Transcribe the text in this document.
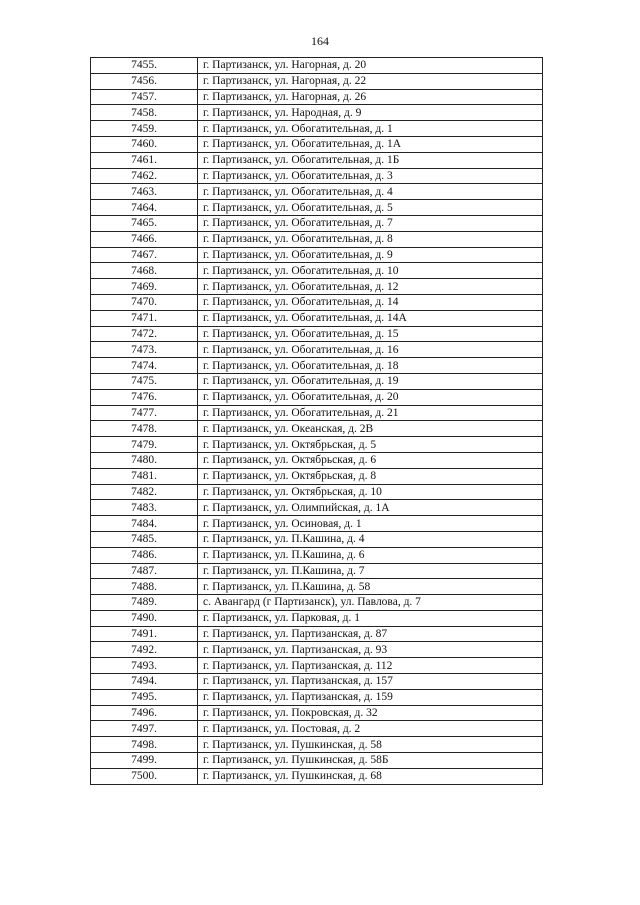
164
7455.	г. Партизанск, ул. Нагорная, д. 20
7456.	г. Партизанск, ул. Нагорная, д. 22
7457.	г. Партизанск, ул. Нагорная, д. 26
7458.	г. Партизанск, ул. Народная, д. 9
7459.	г. Партизанск, ул. Обогатительная, д. 1
7460.	г. Партизанск, ул. Обогатительная, д. 1А
7461.	г. Партизанск, ул. Обогатительная, д. 1Б
7462.	г. Партизанск, ул. Обогатительная, д. 3
7463.	г. Партизанск, ул. Обогатительная, д. 4
7464.	г. Партизанск, ул. Обогатительная, д. 5
7465.	г. Партизанск, ул. Обогатительная, д. 7
7466.	г. Партизанск, ул. Обогатительная, д. 8
7467.	г. Партизанск, ул. Обогатительная, д. 9
7468.	г. Партизанск, ул. Обогатительная, д. 10
7469.	г. Партизанск, ул. Обогатительная, д. 12
7470.	г. Партизанск, ул. Обогатительная, д. 14
7471.	г. Партизанск, ул. Обогатительная, д. 14А
7472.	г. Партизанск, ул. Обогатительная, д. 15
7473.	г. Партизанск, ул. Обогатительная, д. 16
7474.	г. Партизанск, ул. Обогатительная, д. 18
7475.	г. Партизанск, ул. Обогатительная, д. 19
7476.	г. Партизанск, ул. Обогатительная, д. 20
7477.	г. Партизанск, ул. Обогатительная, д. 21
7478.	г. Партизанск, ул. Океанская, д. 2В
7479.	г. Партизанск, ул. Октябрьская, д. 5
7480.	г. Партизанск, ул. Октябрьская, д. 6
7481.	г. Партизанск, ул. Октябрьская, д. 8
7482.	г. Партизанск, ул. Октябрьская, д. 10
7483.	г. Партизанск, ул. Олимпийская, д. 1А
7484.	г. Партизанск, ул. Осиновая, д. 1
7485.	г. Партизанск, ул. П.Кашина, д. 4
7486.	г. Партизанск, ул. П.Кашина, д. 6
7487.	г. Партизанск, ул. П.Кашина, д. 7
7488.	г. Партизанск, ул. П.Кашина, д. 58
7489.	с. Авангард (г Партизанск), ул. Павлова, д. 7
7490.	г. Партизанск, ул. Парковая, д. 1
7491.	г. Партизанск, ул. Партизанская, д. 87
7492.	г. Партизанск, ул. Партизанская, д. 93
7493.	г. Партизанск, ул. Партизанская, д. 112
7494.	г. Партизанск, ул. Партизанская, д. 157
7495.	г. Партизанск, ул. Партизанская, д. 159
7496.	г. Партизанск, ул. Покровская, д. 32
7497.	г. Партизанск, ул. Постовая, д. 2
7498.	г. Партизанск, ул. Пушкинская, д. 58
7499.	г. Партизанск, ул. Пушкинская, д. 58Б
7500.	г. Партизанск, ул. Пушкинская, д. 68
